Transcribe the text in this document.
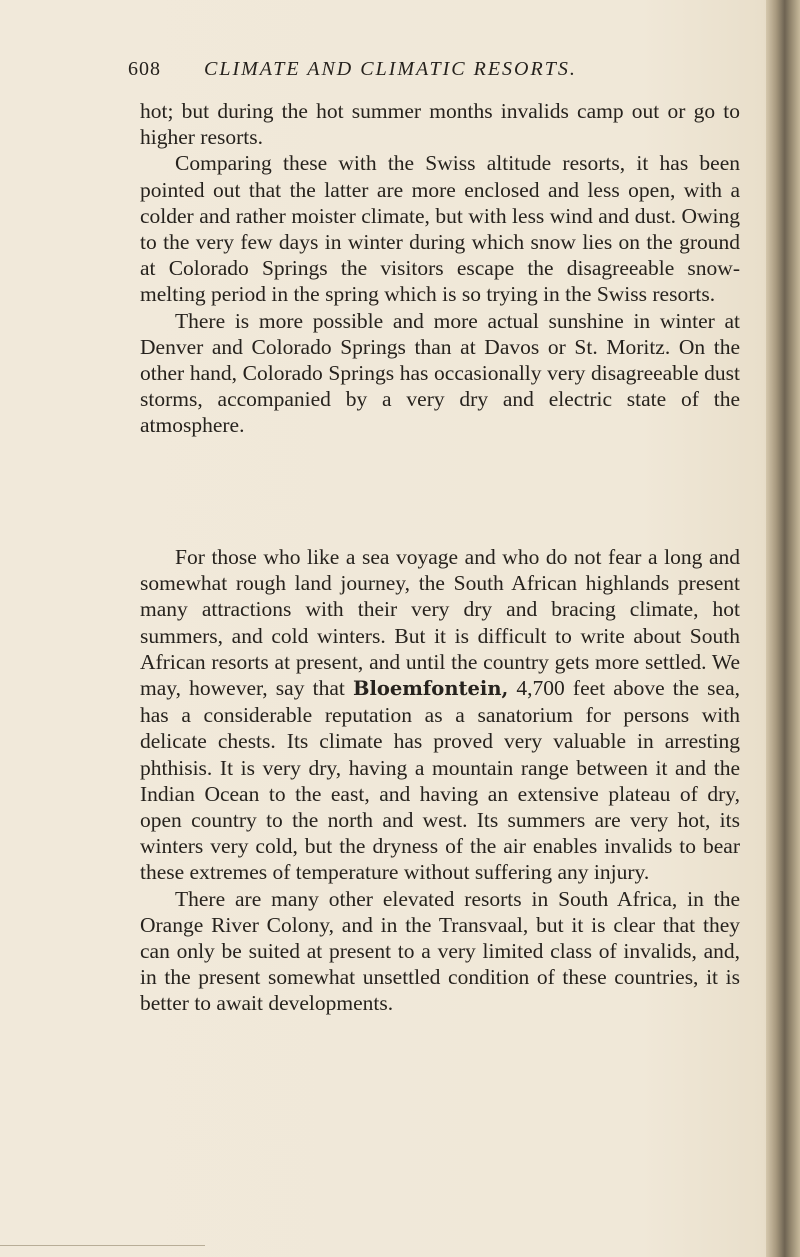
608 CLIMATE AND CLIMATIC RESORTS.

hot; but during the hot summer months invalids camp out or go to higher resorts.

Comparing these with the Swiss altitude resorts, it has been pointed out that the latter are more enclosed and less open, with a colder and rather moister climate, but with less wind and dust. Owing to the very few days in winter during which snow lies on the ground at Colorado Springs the visitors escape the disagreeable snow-melting period in the spring which is so trying in the Swiss resorts.

There is more possible and more actual sunshine in winter at Denver and Colorado Springs than at Davos or St. Moritz. On the other hand, Colorado Springs has occasionally very disagreeable dust storms, accompanied by a very dry and electric state of the atmosphere.

For those who like a sea voyage and who do not fear a long and somewhat rough land journey, the South African highlands present many attractions with their very dry and bracing climate, hot summers, and cold winters. But it is difficult to write about South African resorts at present, and until the country gets more settled. We may, however, say that Bloemfontein, 4,700 feet above the sea, has a considerable reputation as a sanatorium for persons with delicate chests. Its climate has proved very valuable in arresting phthisis. It is very dry, having a mountain range between it and the Indian Ocean to the east, and having an extensive plateau of dry, open country to the north and west. Its summers are very hot, its winters very cold, but the dryness of the air enables invalids to bear these extremes of temperature without suffering any injury.

There are many other elevated resorts in South Africa, in the Orange River Colony, and in the Transvaal, but it is clear that they can only be suited at present to a very limited class of invalids, and, in the present somewhat unsettled condition of these countries, it is better to await developments.
